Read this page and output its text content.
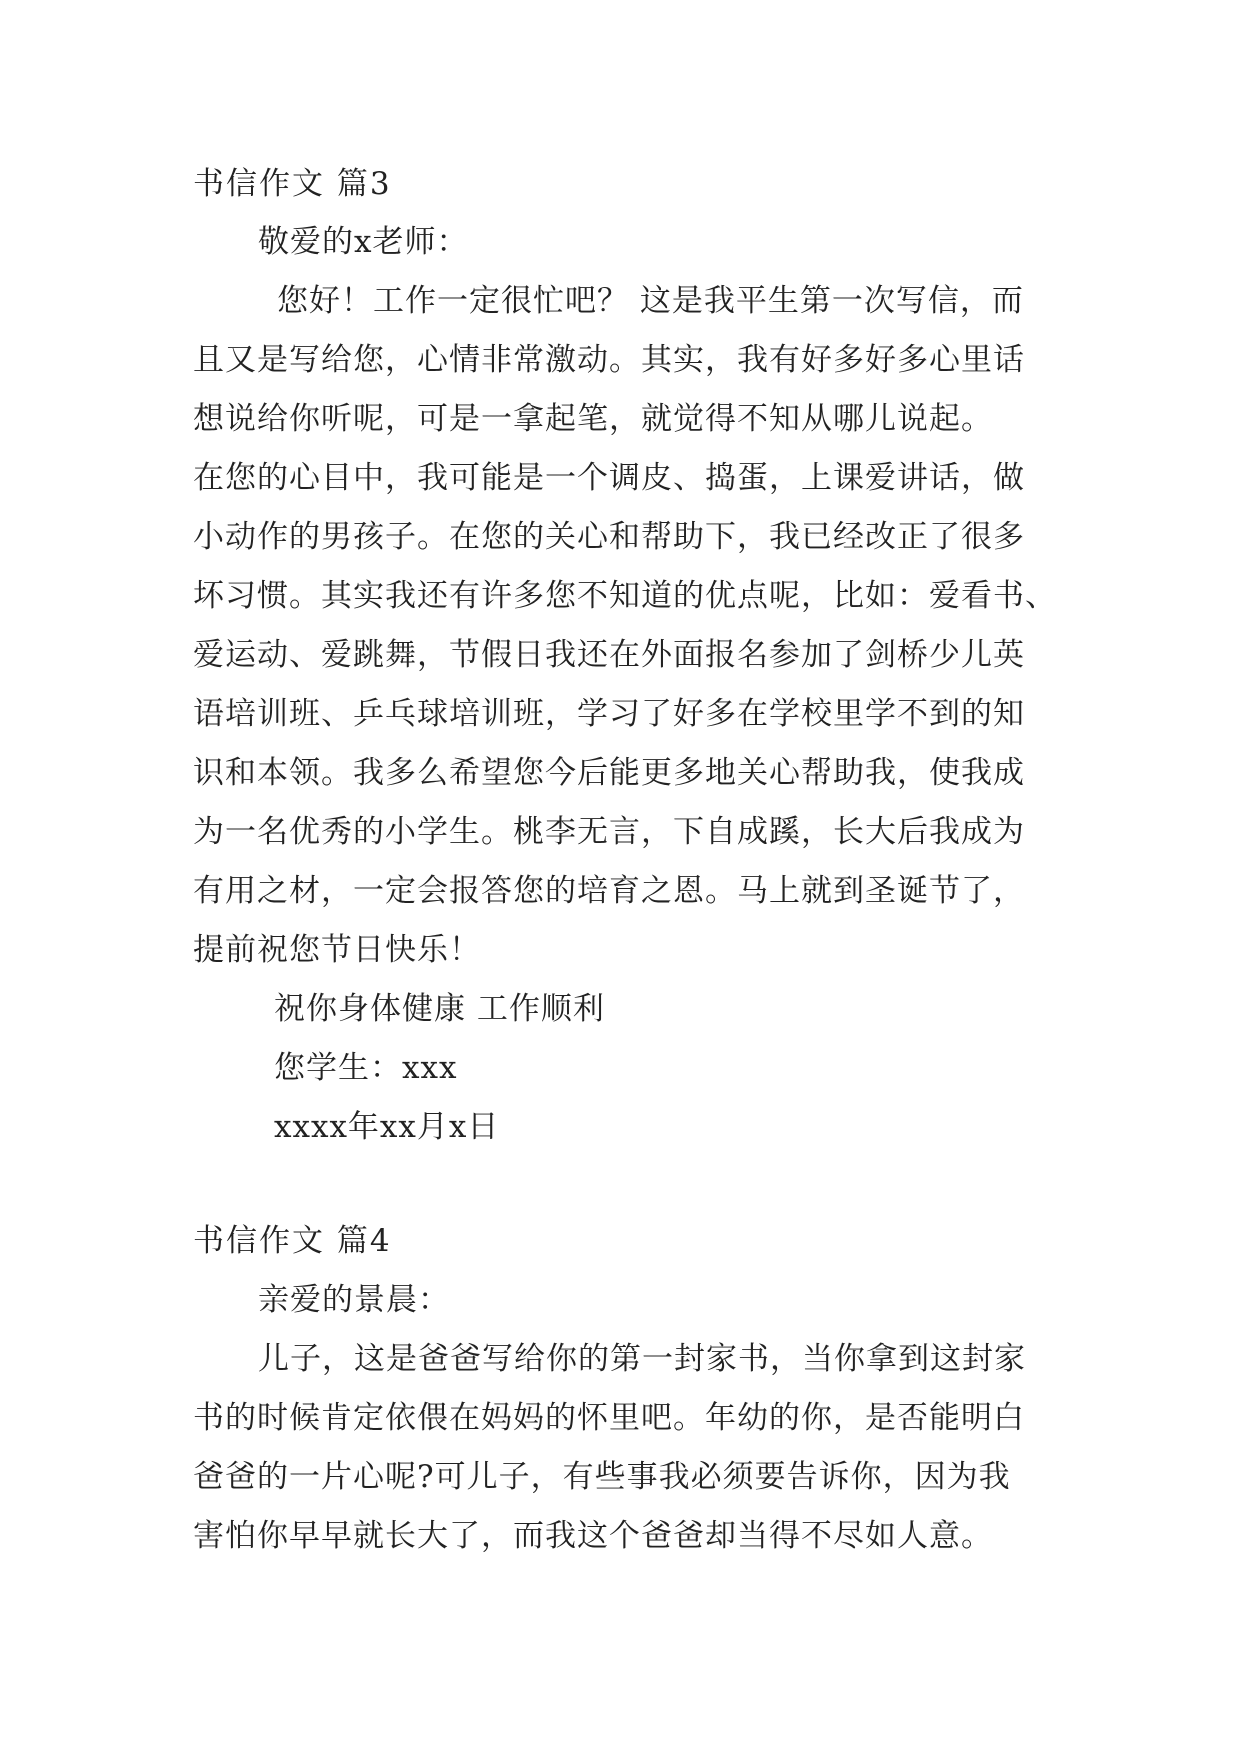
书信作文 篇3

敬爱的x老师：

您好！工作一定很忙吧？ 这是我平生第一次写信，而

且又是写给您，心情非常激动。其实，我有好多好多心里话

想说给你听呢，可是一拿起笔，就觉得不知从哪儿说起。

在您的心目中，我可能是一个调皮、捣蛋，上课爱讲话，做

小动作的男孩子。在您的关心和帮助下，我已经改正了很多

坏习惯。其实我还有许多您不知道的优点呢，比如：爱看书、

爱运动、爱跳舞，节假日我还在外面报名参加了剑桥少儿英

语培训班、乒乓球培训班，学习了好多在学校里学不到的知

识和本领。我多么希望您今后能更多地关心帮助我，使我成

为一名优秀的小学生。桃李无言，下自成蹊，长大后我成为

有用之材，一定会报答您的培育之恩。马上就到圣诞节了，

提前祝您节日快乐！

祝你身体健康 工作顺利

您学生：xxx

xxxx年xx月x日

书信作文 篇4

亲爱的景晨：

儿子，这是爸爸写给你的第一封家书，当你拿到这封家

书的时候肯定依偎在妈妈的怀里吧。年幼的你，是否能明白

爸爸的一片心呢?可儿子，有些事我必须要告诉你，因为我

害怕你早早就长大了，而我这个爸爸却当得不尽如人意。
